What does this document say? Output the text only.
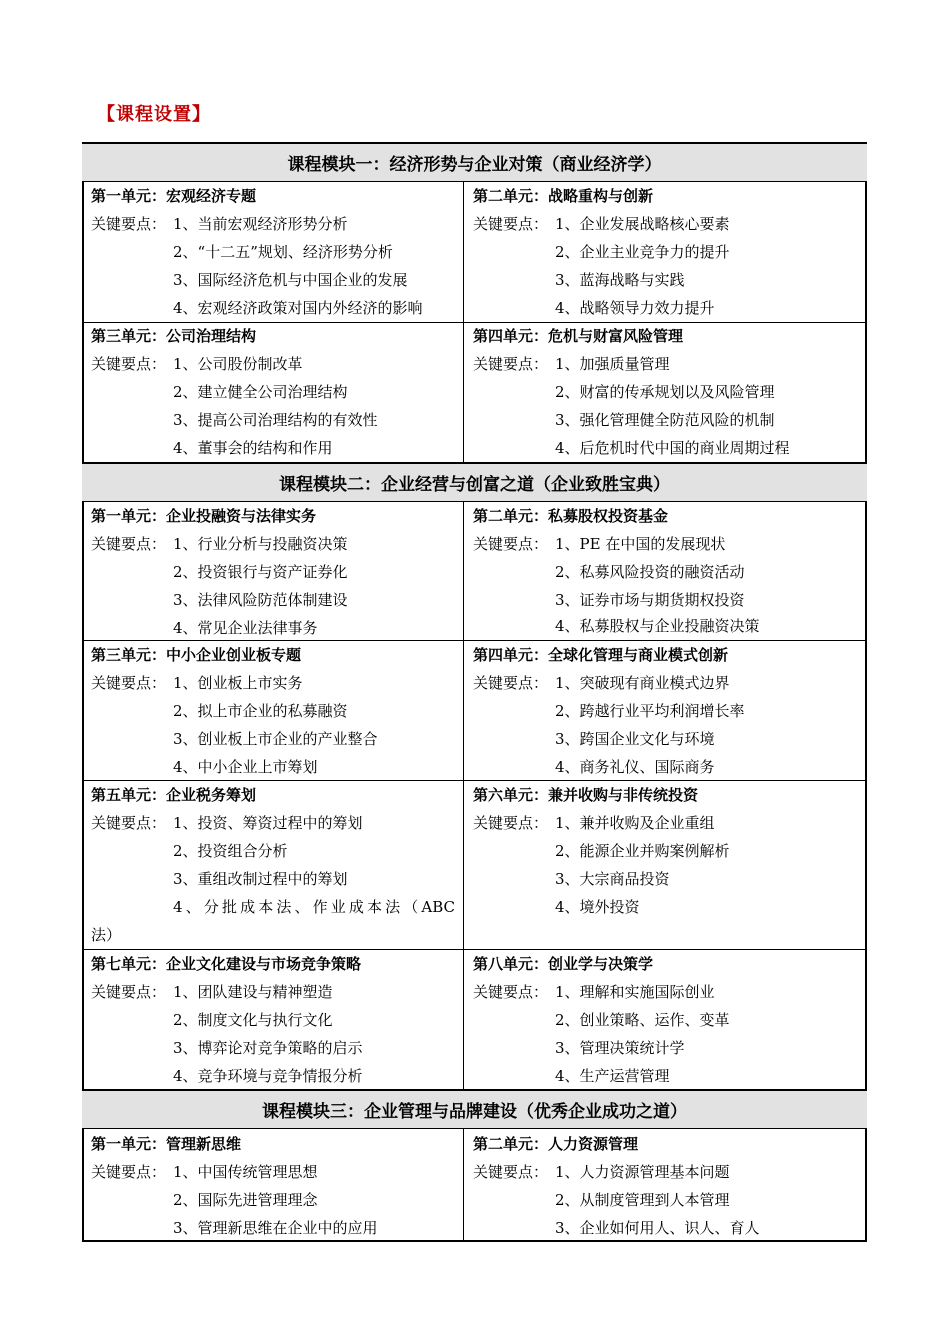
【课程设置】
课程模块一：经济形势与企业对策（商业经济学）
课程模块二：企业经营与创富之道（企业致胜宝典）
课程模块三：企业管理与品牌建设（优秀企业成功之道）
第一单元：宏观经济专题
关键要点： 1、当前宏观经济形势分析
2、“十二五”规划、经济形势分析
3、国际经济危机与中国企业的发展
4、宏观经济政策对国内外经济的影响
第二单元：战略重构与创新
关键要点： 1、企业发展战略核心要素
2、企业主业竞争力的提升
3、蓝海战略与实践
4、战略领导力效力提升
第三单元：公司治理结构
关键要点： 1、公司股份制改革
2、建立健全公司治理结构
3、提高公司治理结构的有效性
4、董事会的结构和作用
第四单元：危机与财富风险管理
关键要点： 1、加强质量管理
2、财富的传承规划以及风险管理
3、强化管理健全防范风险的机制
4、后危机时代中国的商业周期过程
第一单元：企业投融资与法律实务
关键要点： 1、行业分析与投融资决策
2、投资银行与资产证券化
3、法律风险防范体制建设
4、常见企业法律事务
第二单元：私募股权投资基金
关键要点： 1、PE 在中国的发展现状
2、私募风险投资的融资活动
3、证券市场与期货期权投资
4、私募股权与企业投融资决策
第三单元：中小企业创业板专题
关键要点： 1、创业板上市实务
2、拟上市企业的私募融资
3、创业板上市企业的产业整合
4、中小企业上市筹划
第四单元：全球化管理与商业模式创新
关键要点： 1、突破现有商业模式边界
2、跨越行业平均利润增长率
3、跨国企业文化与环境
4、商务礼仪、国际商务
第五单元：企业税务筹划
关键要点： 1、投资、筹资过程中的筹划
2、投资组合分析
3、重组改制过程中的筹划
4、分批成本法、作业成本法（ABC
法）
第六单元：兼并收购与非传统投资
关键要点： 1、兼并收购及企业重组
2、能源企业并购案例解析
3、大宗商品投资
4、境外投资
第七单元：企业文化建设与市场竞争策略
关键要点： 1、团队建设与精神塑造
2、制度文化与执行文化
3、博弈论对竞争策略的启示
4、竞争环境与竞争情报分析
第八单元：创业学与决策学
关键要点： 1、理解和实施国际创业
2、创业策略、运作、变革
3、管理决策统计学
4、生产运营管理
第一单元：管理新思维
关键要点： 1、中国传统管理思想
2、国际先进管理理念
3、管理新思维在企业中的应用
第二单元：人力资源管理
关键要点： 1、人力资源管理基本问题
2、从制度管理到人本管理
3、企业如何用人、识人、育人
